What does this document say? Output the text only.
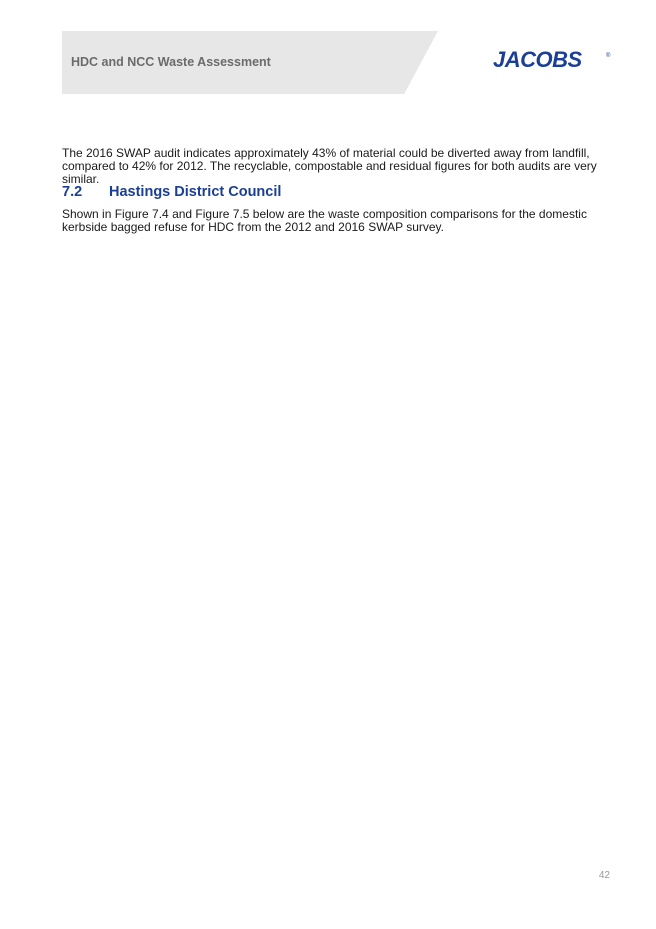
HDC and NCC Waste Assessment	JACOBS	®

The 2016 SWAP audit indicates approximately 43% of material could be diverted away from landfill, compared to 42% for 2012. The recyclable, compostable and residual figures for both audits are very similar.

7.2	Hastings District Council

Shown in Figure 7.4 and Figure 7.5 below are the waste composition comparisons for the domestic kerbside bagged refuse for HDC from the 2012 and 2016 SWAP survey.

42
